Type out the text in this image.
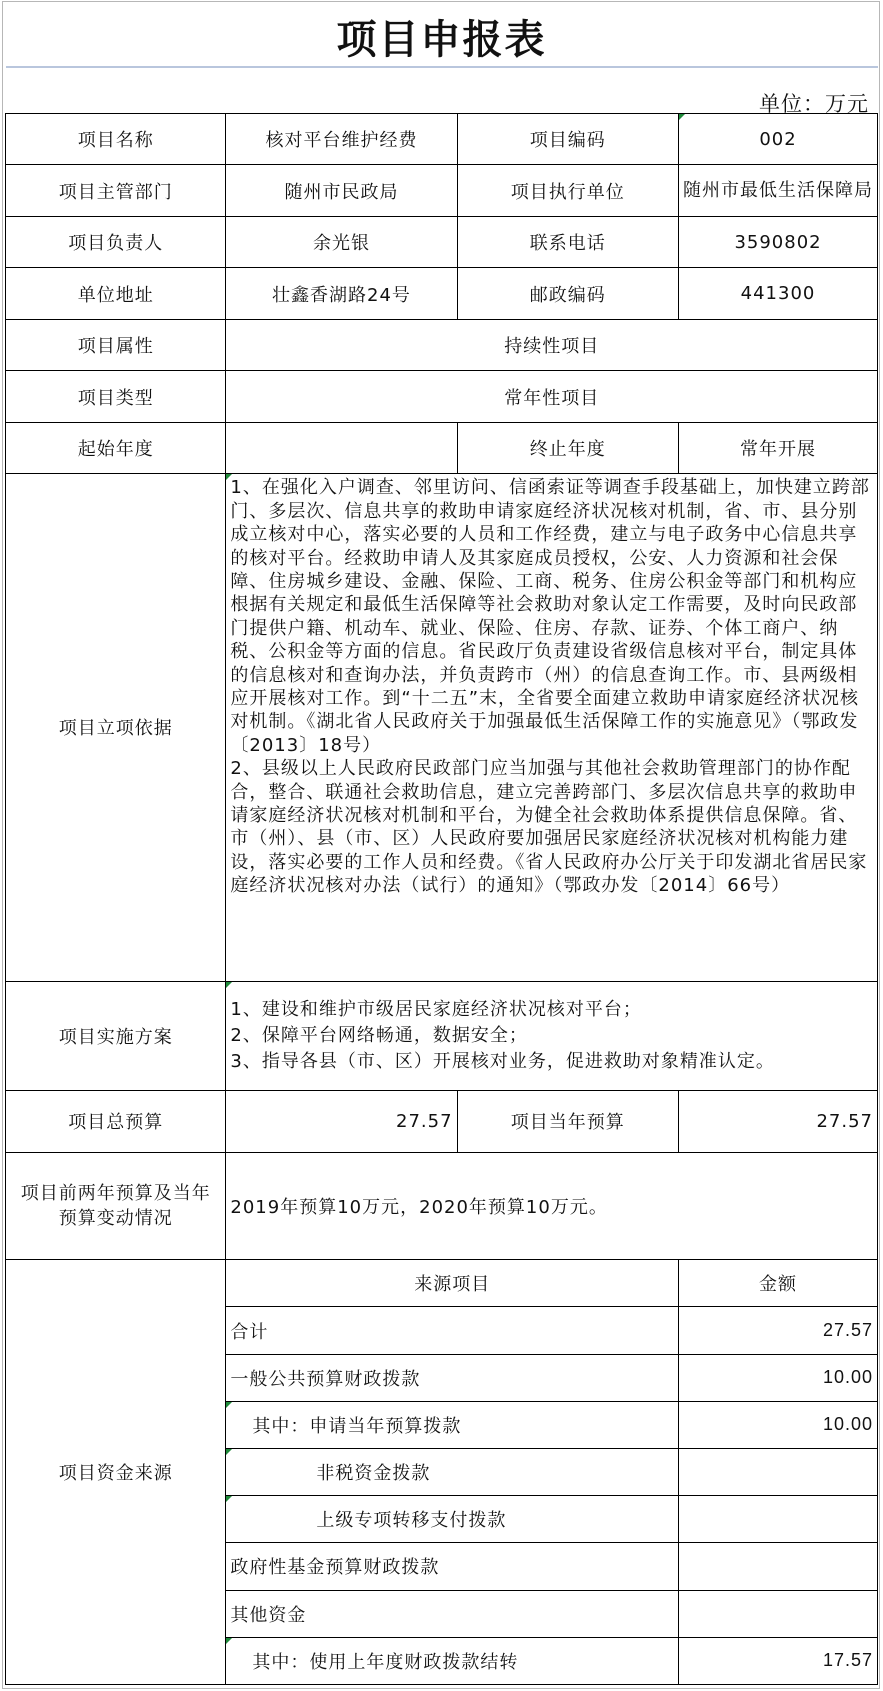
项目申报表
单位：万元
项目名称	核对平台维护经费	项目编码	002
项目主管部门	随州市民政局	项目执行单位	随州市最低生活保障局
项目负责人	余光银	联系电话	3590802
单位地址	壮鑫香湖路24号	邮政编码	441300
项目属性	持续性项目		
项目类型	常年性项目		
起始年度		终止年度	常年开展
项目立项依据	1、在强化入户调查、邻里访问、信函索证等调查手段基础上，加快建立跨部门、多层次、信息共享的救助申请家庭经济状况核对机制，省、市、县分别成立核对中心，落实必要的人员和工作经费，建立与电子政务中心信息共享的核对平台。经救助申请人及其家庭成员授权，公安、人力资源和社会保障、住房城乡建设、金融、保险、工商、税务、住房公积金等部门和机构应根据有关规定和最低生活保障等社会救助对象认定工作需要，及时向民政部门提供户籍、机动车、就业、保险、住房、存款、证券、个体工商户、纳税、公积金等方面的信息。省民政厅负责建设省级信息核对平台，制定具体的信息核对和查询办法，并负责跨市（州）的信息查询工作。市、县两级相应开展核对工作。到“十二五”末，全省要全面建立救助申请家庭经济状况核对机制。《湖北省人民政府关于加强最低生活保障工作的实施意见》（鄂政发〔2013〕18号）

2、县级以上人民政府民政部门应当加强与其他社会救助管理部门的协作配合，整合、联通社会救助信息，建立完善跨部门、多层次信息共享的救助申请家庭经济状况核对机制和平台，为健全社会救助体系提供信息保障。省、市（州）、县（市、区）人民政府要加强居民家庭经济状况核对机构能力建设，落实必要的工作人员和经费。《省人民政府办公厅关于印发湖北省居民家庭经济状况核对办法（试行）的通知》（鄂政办发〔2014〕66号）		

项目实施方案	1、建设和维护市级居民家庭经济状况核对平台；

2、保障平台网络畅通，数据安全；

3、指导各县（市、区）开展核对业务，促进救助对象精准认定。		

项目总预算	27.57	项目当年预算	27.57
项目前两年预算及当年预算变动情况	2019年预算10万元，2020年预算10万元。		
项目资金来源	来源项目		金额
	合计		27.57
	一般公共预算财政拨款		10.00
	其中：申请当年预算拨款		10.00
	非税资金拨款		
	上级专项转移支付拨款		
	政府性基金预算财政拨款		
	其他资金		
	其中：使用上年度财政拨款结转		17.57
